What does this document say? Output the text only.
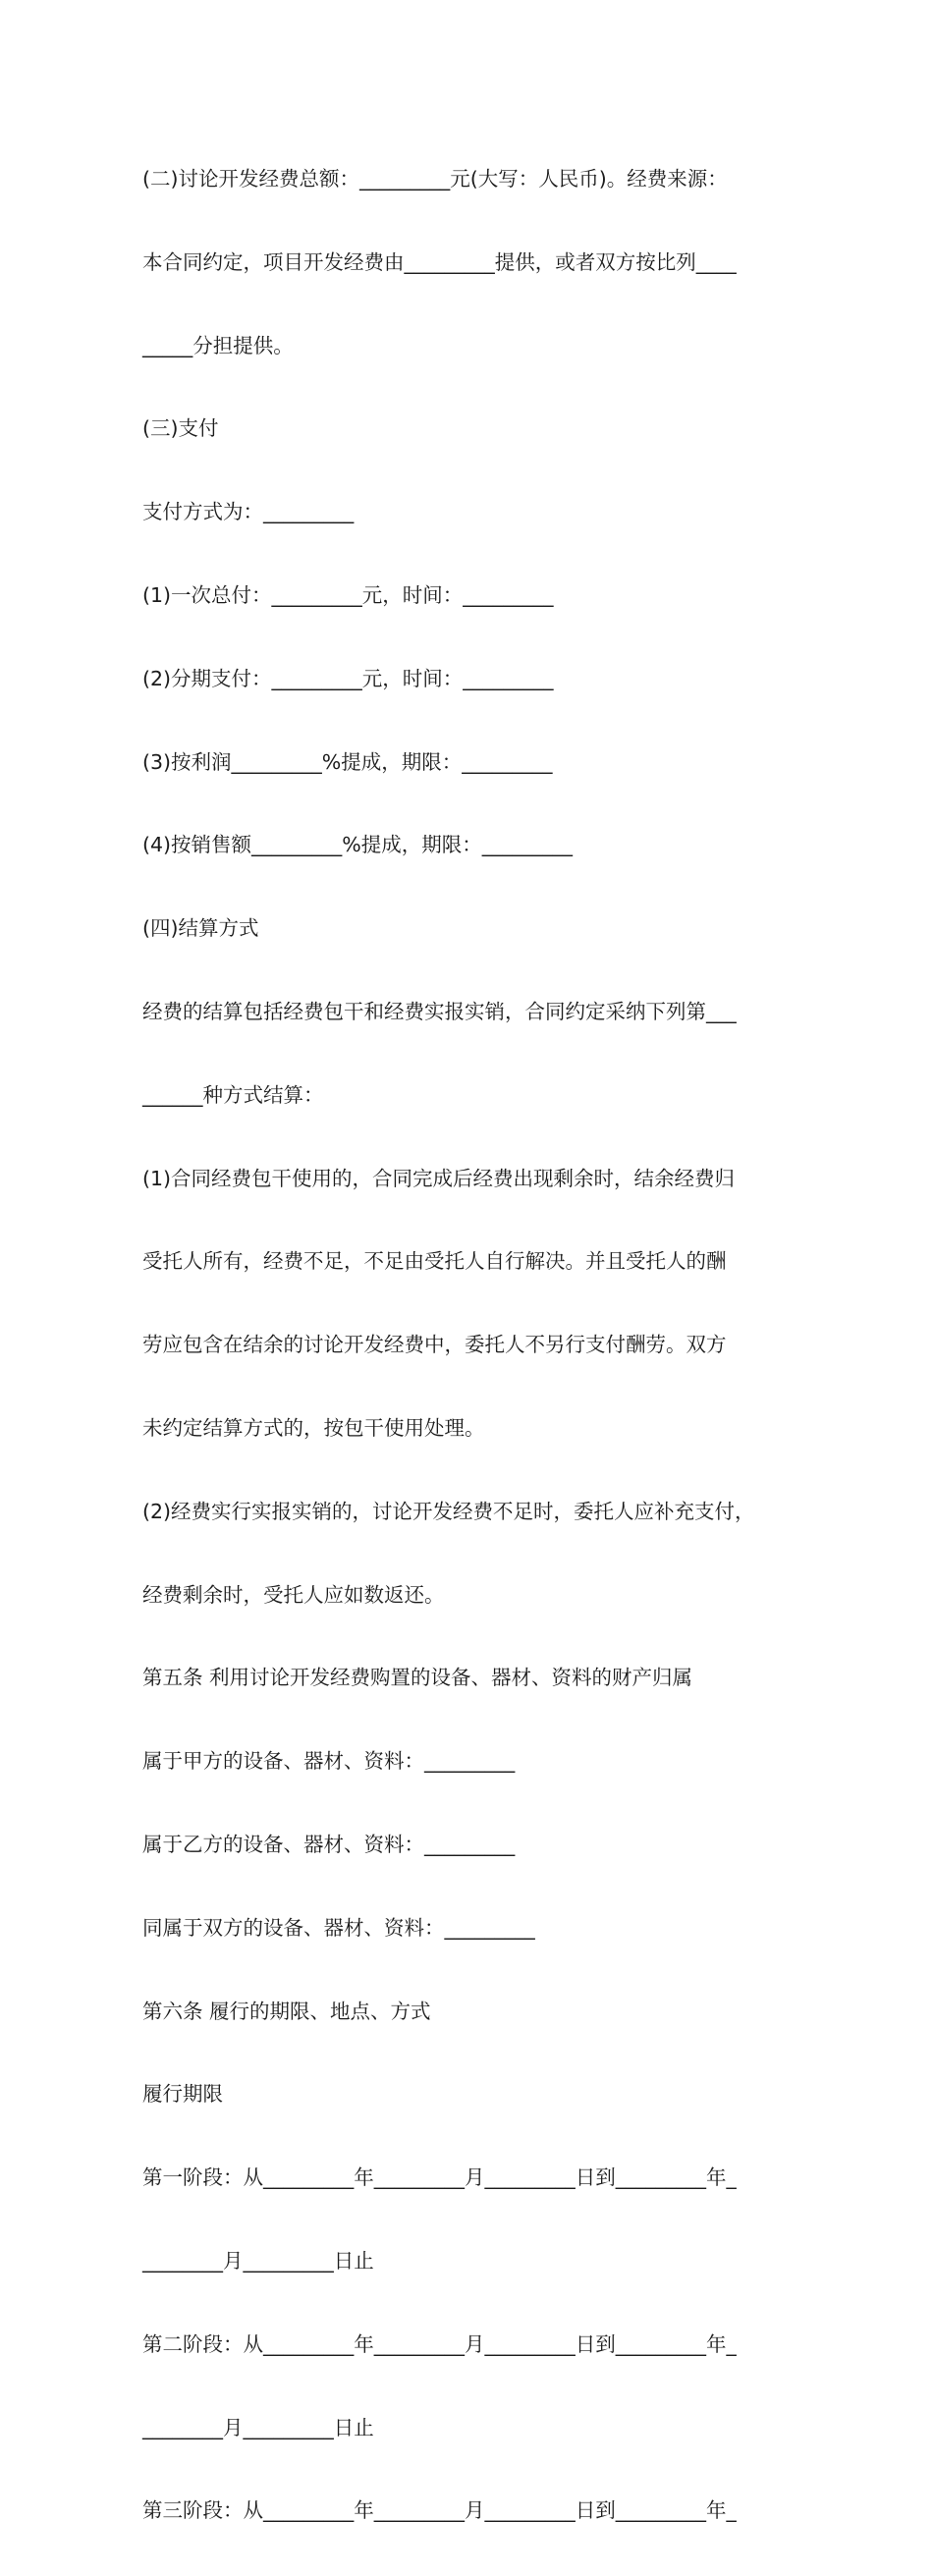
(二)讨论开发经费总额：_________元(大写：人民币)。经费来源：

本合同约定，项目开发经费由_________提供，或者双方按比列____

_____分担提供。

(三)支付

支付方式为：_________

(1)一次总付：_________元，时间：_________

(2)分期支付：_________元，时间：_________

(3)按利润_________%提成，期限：_________

(4)按销售额_________%提成，期限：_________

(四)结算方式

经费的结算包括经费包干和经费实报实销，合同约定采纳下列第___

______种方式结算：

(1)合同经费包干使用的，合同完成后经费出现剩余时，结余经费归

受托人所有，经费不足，不足由受托人自行解决。并且受托人的酬

劳应包含在结余的讨论开发经费中，委托人不另行支付酬劳。双方

未约定结算方式的，按包干使用处理。

(2)经费实行实报实销的，讨论开发经费不足时，委托人应补充支付，

经费剩余时，受托人应如数返还。

第五条 利用讨论开发经费购置的设备、器材、资料的财产归属

属于甲方的设备、器材、资料：_________

属于乙方的设备、器材、资料：_________

同属于双方的设备、器材、资料：_________

第六条 履行的期限、地点、方式

履行期限

第一阶段：从_________年_________月_________日到_________年_

________月_________日止

第二阶段：从_________年_________月_________日到_________年_

________月_________日止

第三阶段：从_________年_________月_________日到_________年_
